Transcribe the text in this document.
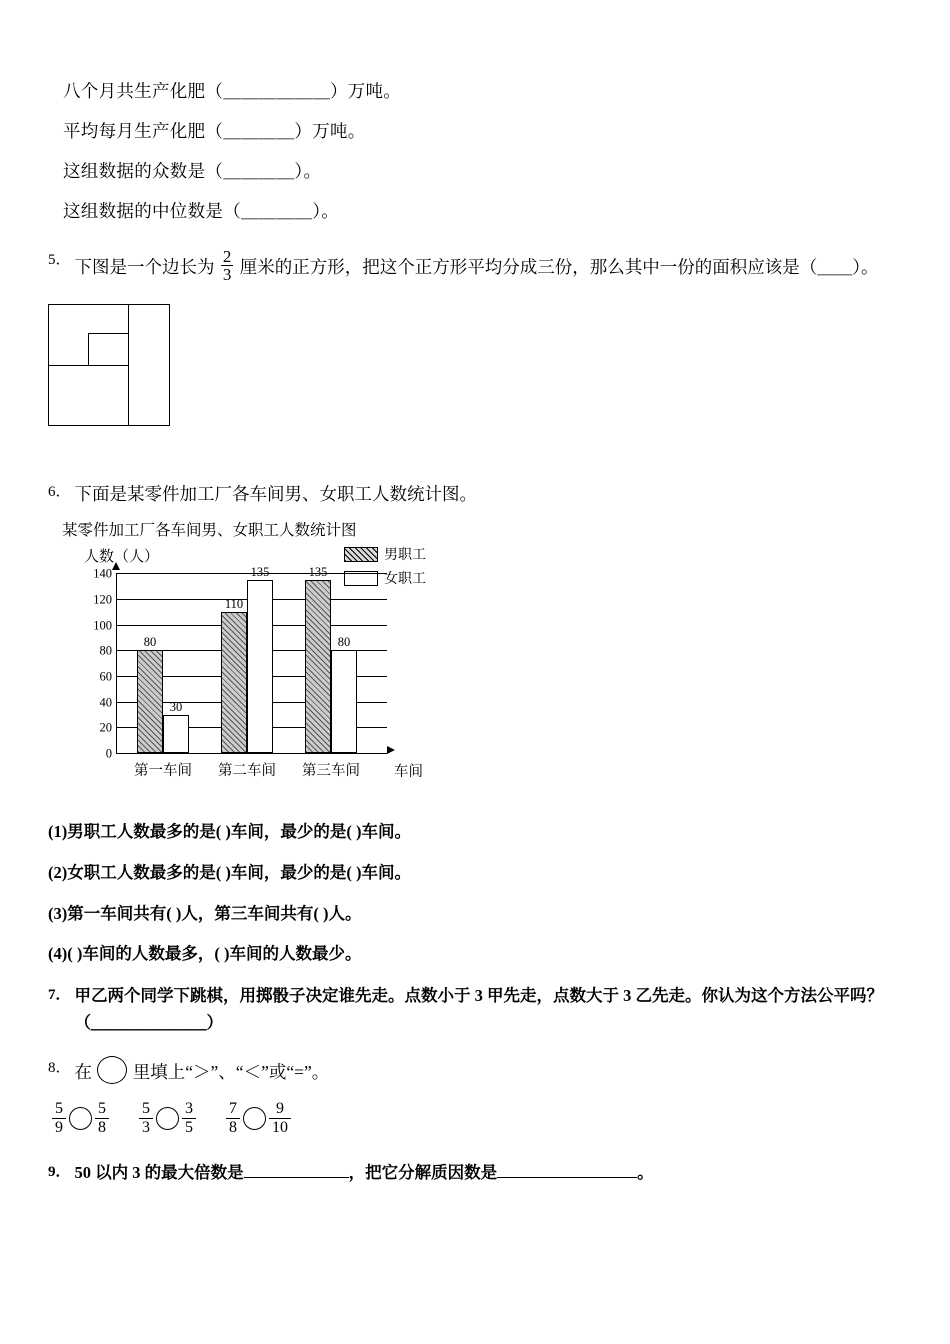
八个月共生产化肥（＿＿＿＿＿＿）万吨。
平均每月生产化肥（＿＿＿＿）万吨。
这组数据的众数是（＿＿＿＿）。
这组数据的中位数是（＿＿＿＿）。
5． 下图是一个边长为 $\frac{2}{3}$ 厘米的正方形，把这个正方形平均分成三份，那么其中一份的面积应该是（＿＿）。
6． 下面是某零件加工厂各车间男、女职工人数统计图。
某零件加工厂各车间男、女职工人数统计图
人数（人）	男职工
女职工
0
20
40
60
80
100
120
140
80
30
第一车间
110
135
第二车间
135
80
第三车间 车间
(1)男职工人数最多的是( )车间，最少的是( )车间。
(2)女职工人数最多的是( )车间，最少的是( )车间。
(3)第一车间共有( )人，第三车间共有( )人。
(4)( )车间的人数最多，( )车间的人数最少。
7． 甲乙两个同学下跳棋，用掷骰子决定谁先走。点数小于 3 甲先走，点数大于 3 乙先走。你认为这个方法公平吗？（＿＿＿＿＿＿＿）
8． 在 里填上“＞”、“＜”或“=”。
$\frac{5}{9} \frac{5}{8} \frac{5}{3} \frac{3}{5} \frac{7}{8} \frac{9}{10}$
9． 50 以内 3 的最大倍数是	，把它分解质因数是	。
